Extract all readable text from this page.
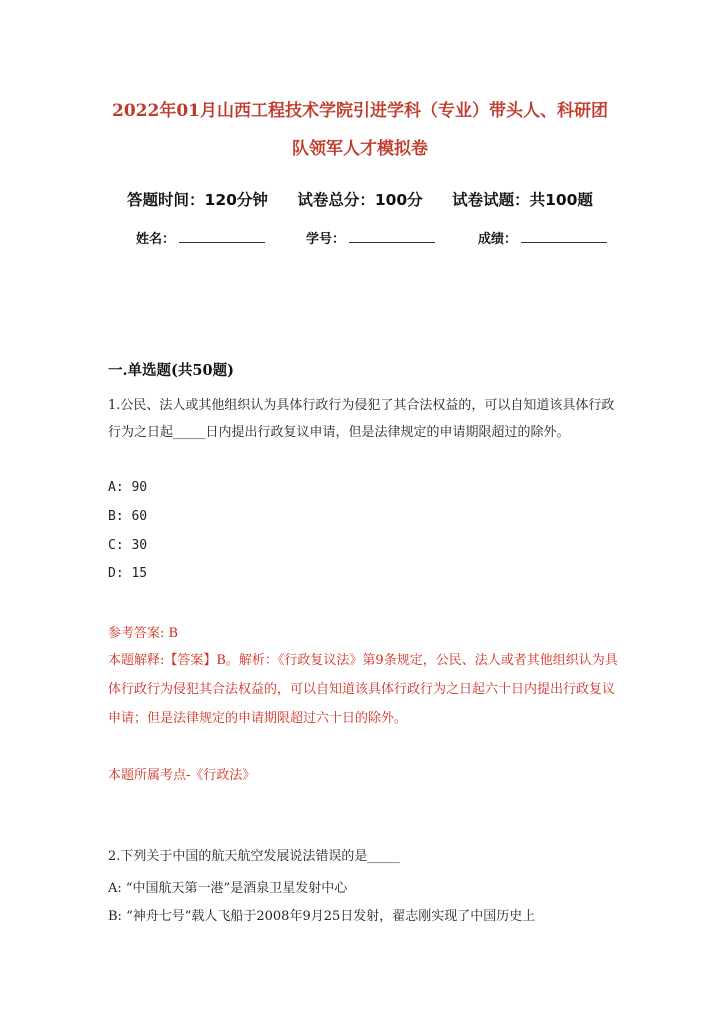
2022年01月山西工程技术学院引进学科（专业）带头人、科研团
队领军人才模拟卷
答题时间：120分钟 试卷总分：100分 试卷试题：共100题
姓名：	学号：	成绩：
一.单选题(共50题)
1.公民、法人或其他组织认为具体行政行为侵犯了其合法权益的，可以自知道该具体行政行为之日起_____日内提出行政复议申请，但是法律规定的申请期限超过的除外。
A: 90
B: 60
C: 30
D: 15
参考答案: B
本题解释:【答案】B。解析：《行政复议法》第9条规定，公民、法人或者其他组织认为具体行政行为侵犯其合法权益的，可以自知道该具体行政行为之日起六十日内提出行政复议申请；但是法律规定的申请期限超过六十日的除外。
本题所属考点-《行政法》
2.下列关于中国的航天航空发展说法错误的是_____
A: “中国航天第一港”是酒泉卫星发射中心
B: “神舟七号”载人飞船于2008年9月25日发射，翟志刚实现了中国历史上
